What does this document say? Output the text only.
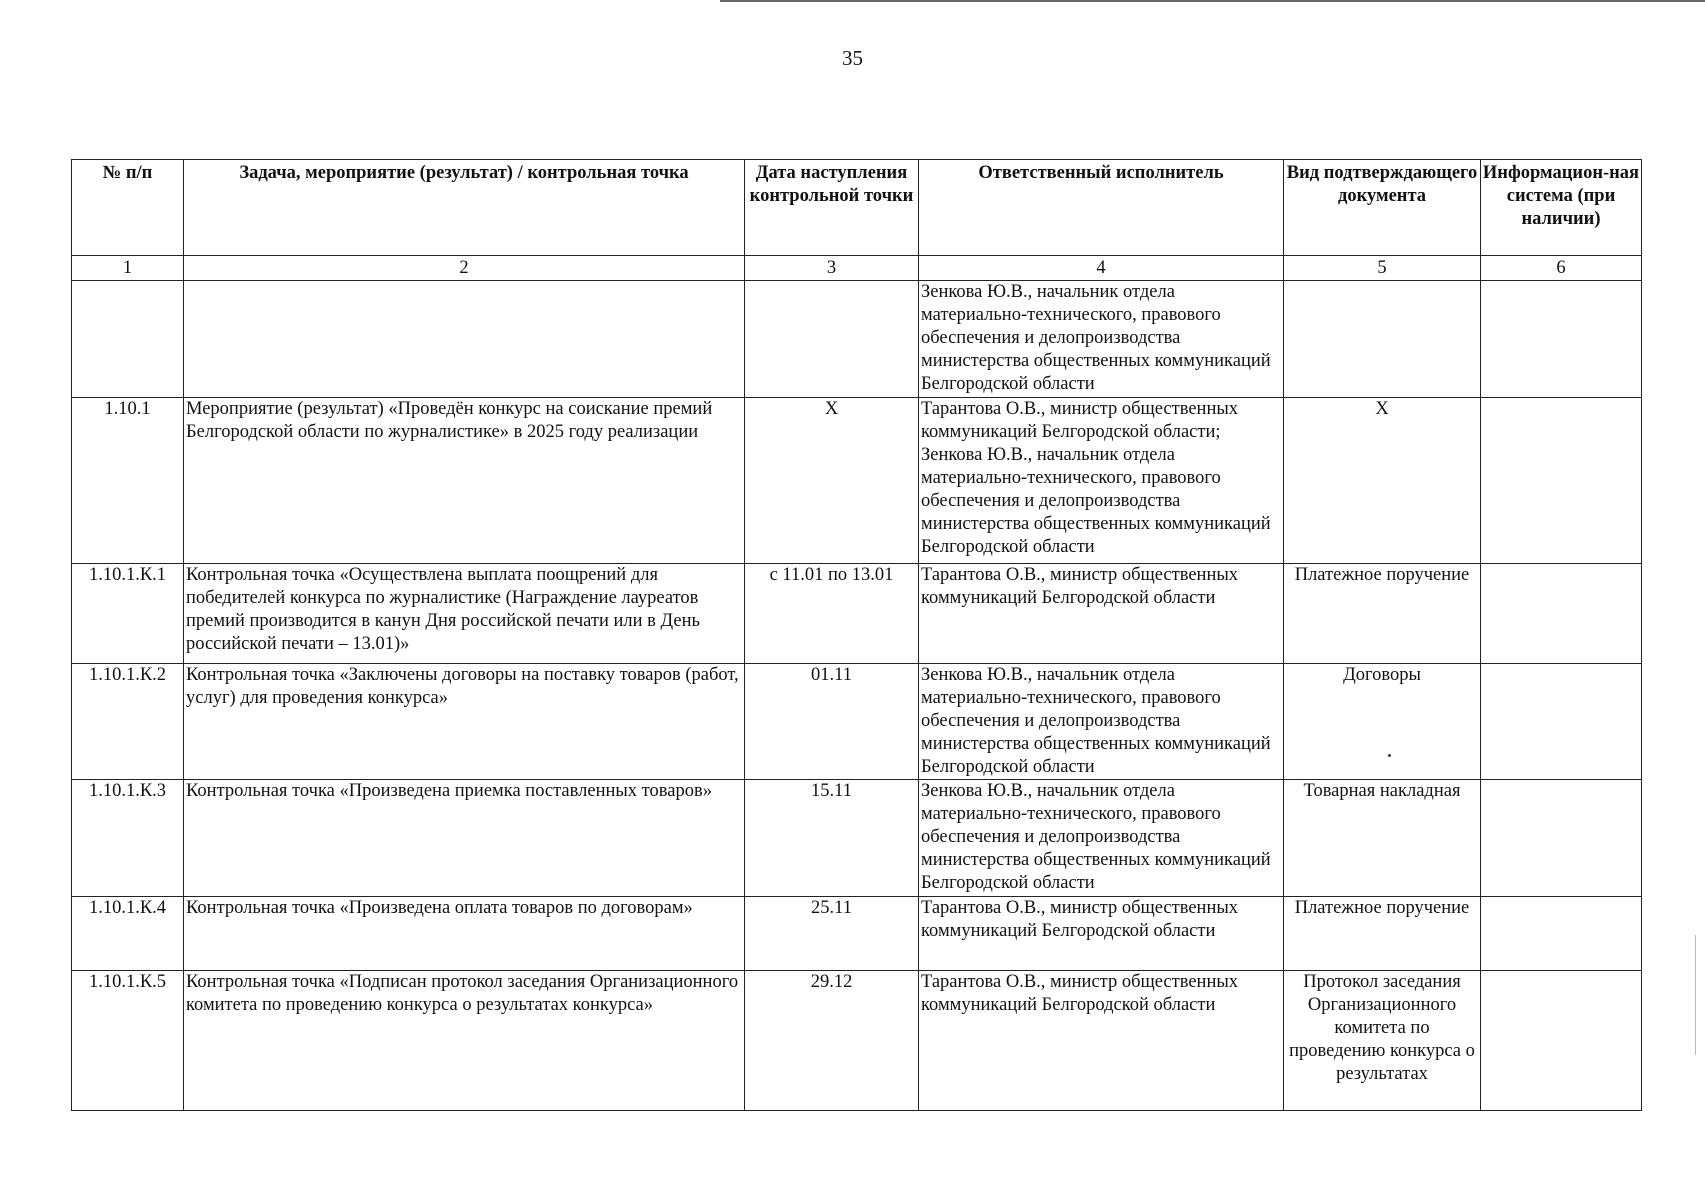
35
№ п/п	Задача, мероприятие (результат) / контрольная точка	Дата наступления контрольной точки	Ответственный исполнитель	Вид подтверждающего документа	Информацион-ная система (при наличии)
1	2	3	4	5	6
			Зенкова Ю.В., начальник отдела материально-технического, правового обеспечения и делопроизводства министерства общественных коммуникаций Белгородской области		
1.10.1	Мероприятие (результат) «Проведён конкурс на соискание премий Белгородской области по журналистике» в 2025 году реализации	X	Тарантова О.В., министр общественных коммуникаций Белгородской области; Зенкова Ю.В., начальник отдела материально-технического, правового обеспечения и делопроизводства министерства общественных коммуникаций Белгородской области	X	
1.10.1.К.1	Контрольная точка «Осуществлена выплата поощрений для победителей конкурса по журналистике (Награждение лауреатов премий производится в канун Дня российской печати или в День российской печати – 13.01)»	с 11.01 по 13.01	Тарантова О.В., министр общественных коммуникаций Белгородской области	Платежное поручение	
1.10.1.К.2	Контрольная точка «Заключены договоры на поставку товаров (работ, услуг) для проведения конкурса»	01.11	Зенкова Ю.В., начальник отдела материально-технического, правового обеспечения и делопроизводства министерства общественных коммуникаций Белгородской области	Договоры	
1.10.1.К.3	Контрольная точка «Произведена приемка поставленных товаров»	15.11	Зенкова Ю.В., начальник отдела материально-технического, правового обеспечения и делопроизводства министерства общественных коммуникаций Белгородской области	Товарная накладная	
1.10.1.К.4	Контрольная точка «Произведена оплата товаров по договорам»	25.11	Тарантова О.В., министр общественных коммуникаций Белгородской области	Платежное поручение	
1.10.1.К.5	Контрольная точка «Подписан протокол заседания Организационного комитета по проведению конкурса о результатах конкурса»	29.12	Тарантова О.В., министр общественных коммуникаций Белгородской области	Протокол заседания Организационного комитета по проведению конкурса о результатах	
